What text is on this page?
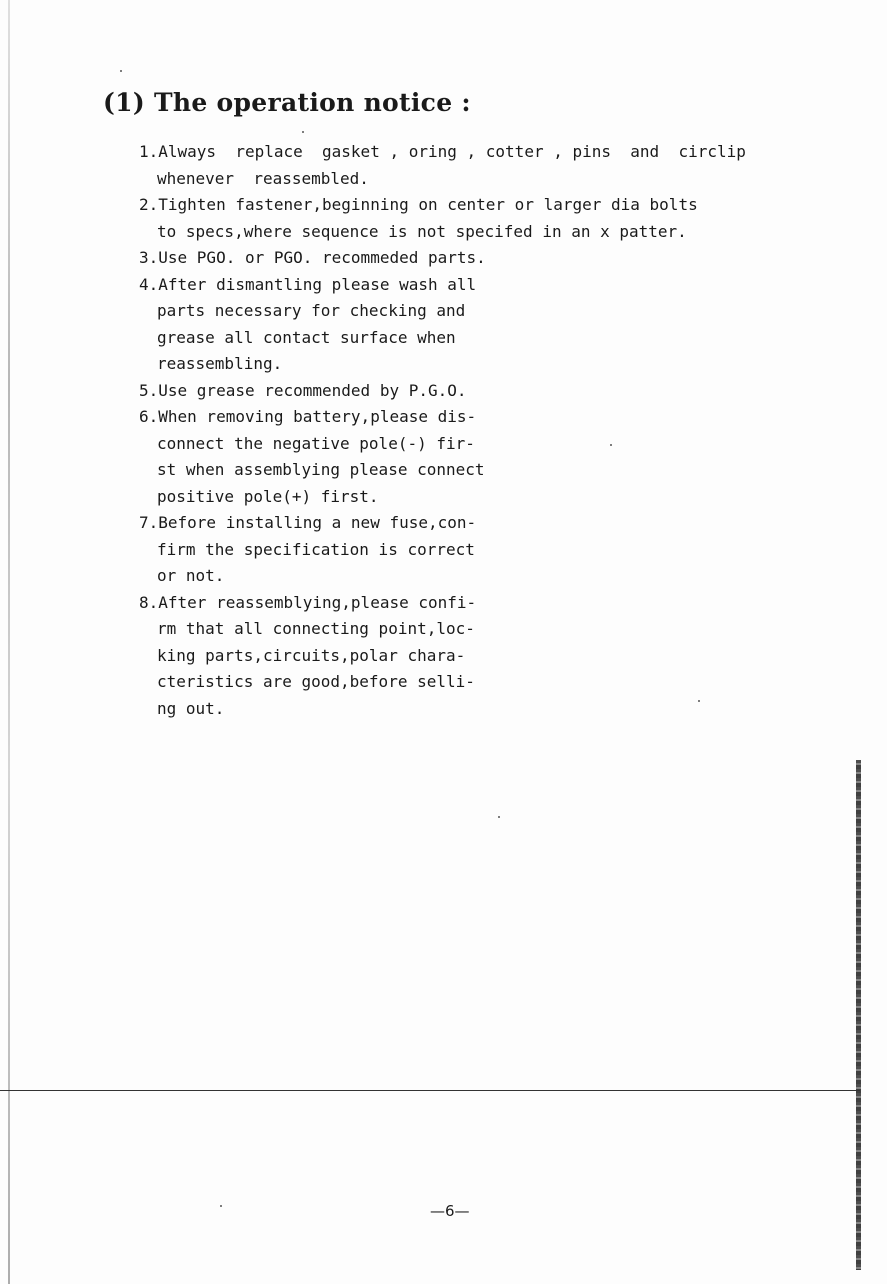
(1) The operation notice :
1.Always  replace  gasket , oring , cotter , pins  and  circlip
whenever  reassembled.
2.Tighten fastener,beginning on center or larger dia bolts
to specs,where sequence is not specifed in an x patter.
3.Use PGO. or PGO. recommeded parts.
4.After dismantling please wash all
parts necessary for checking and
grease all contact surface when
reassembling.
5.Use grease recommended by P.G.O.
6.When removing battery,please dis-
connect the negative pole(-) fir-
st when assemblying please connect
positive pole(+) first.
7.Before installing a new fuse,con-
firm the specification is correct
or not.
8.After reassemblying,please confi-
rm that all connecting point,loc-
king parts,circuits,polar chara-
cteristics are good,before selli-
ng out.
—6—
